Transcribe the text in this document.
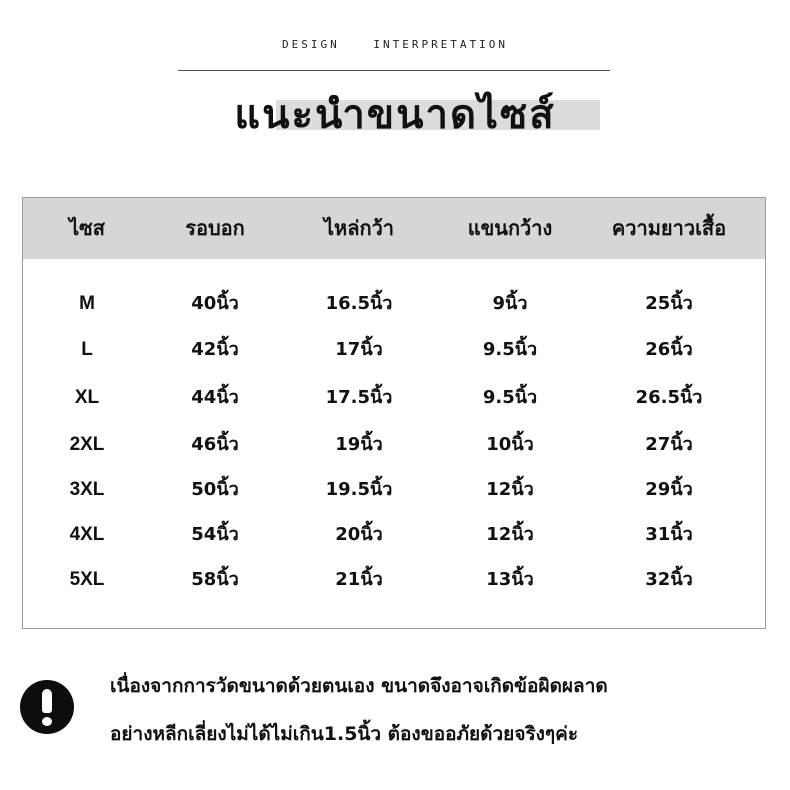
DESIGN	INTERPRETATION
แนะนำขนาดไซส์
ไซส	รอบอก	ไหล่กว้า	แขนกว้าง	ความยาวเสื้อ
M	40นิ้ว	16.5นิ้ว	9นิ้ว	25นิ้ว
L	42นิ้ว	17นิ้ว	9.5นิ้ว	26นิ้ว
XL	44นิ้ว	17.5นิ้ว	9.5นิ้ว	26.5นิ้ว
2XL	46นิ้ว	19นิ้ว	10นิ้ว	27นิ้ว
3XL	50นิ้ว	19.5นิ้ว	12นิ้ว	29นิ้ว
4XL	54นิ้ว	20นิ้ว	12นิ้ว	31นิ้ว
5XL	58นิ้ว	21นิ้ว	13นิ้ว	32นิ้ว
เนื่องจากการวัดขนาดด้วยตนเอง ขนาดจึงอาจเกิดข้อผิดผลาด
อย่างหลีกเลี่ยงไม่ได้ไม่เกิน1.5นิ้ว ต้องขออภัยด้วยจริงๆค่ะ
